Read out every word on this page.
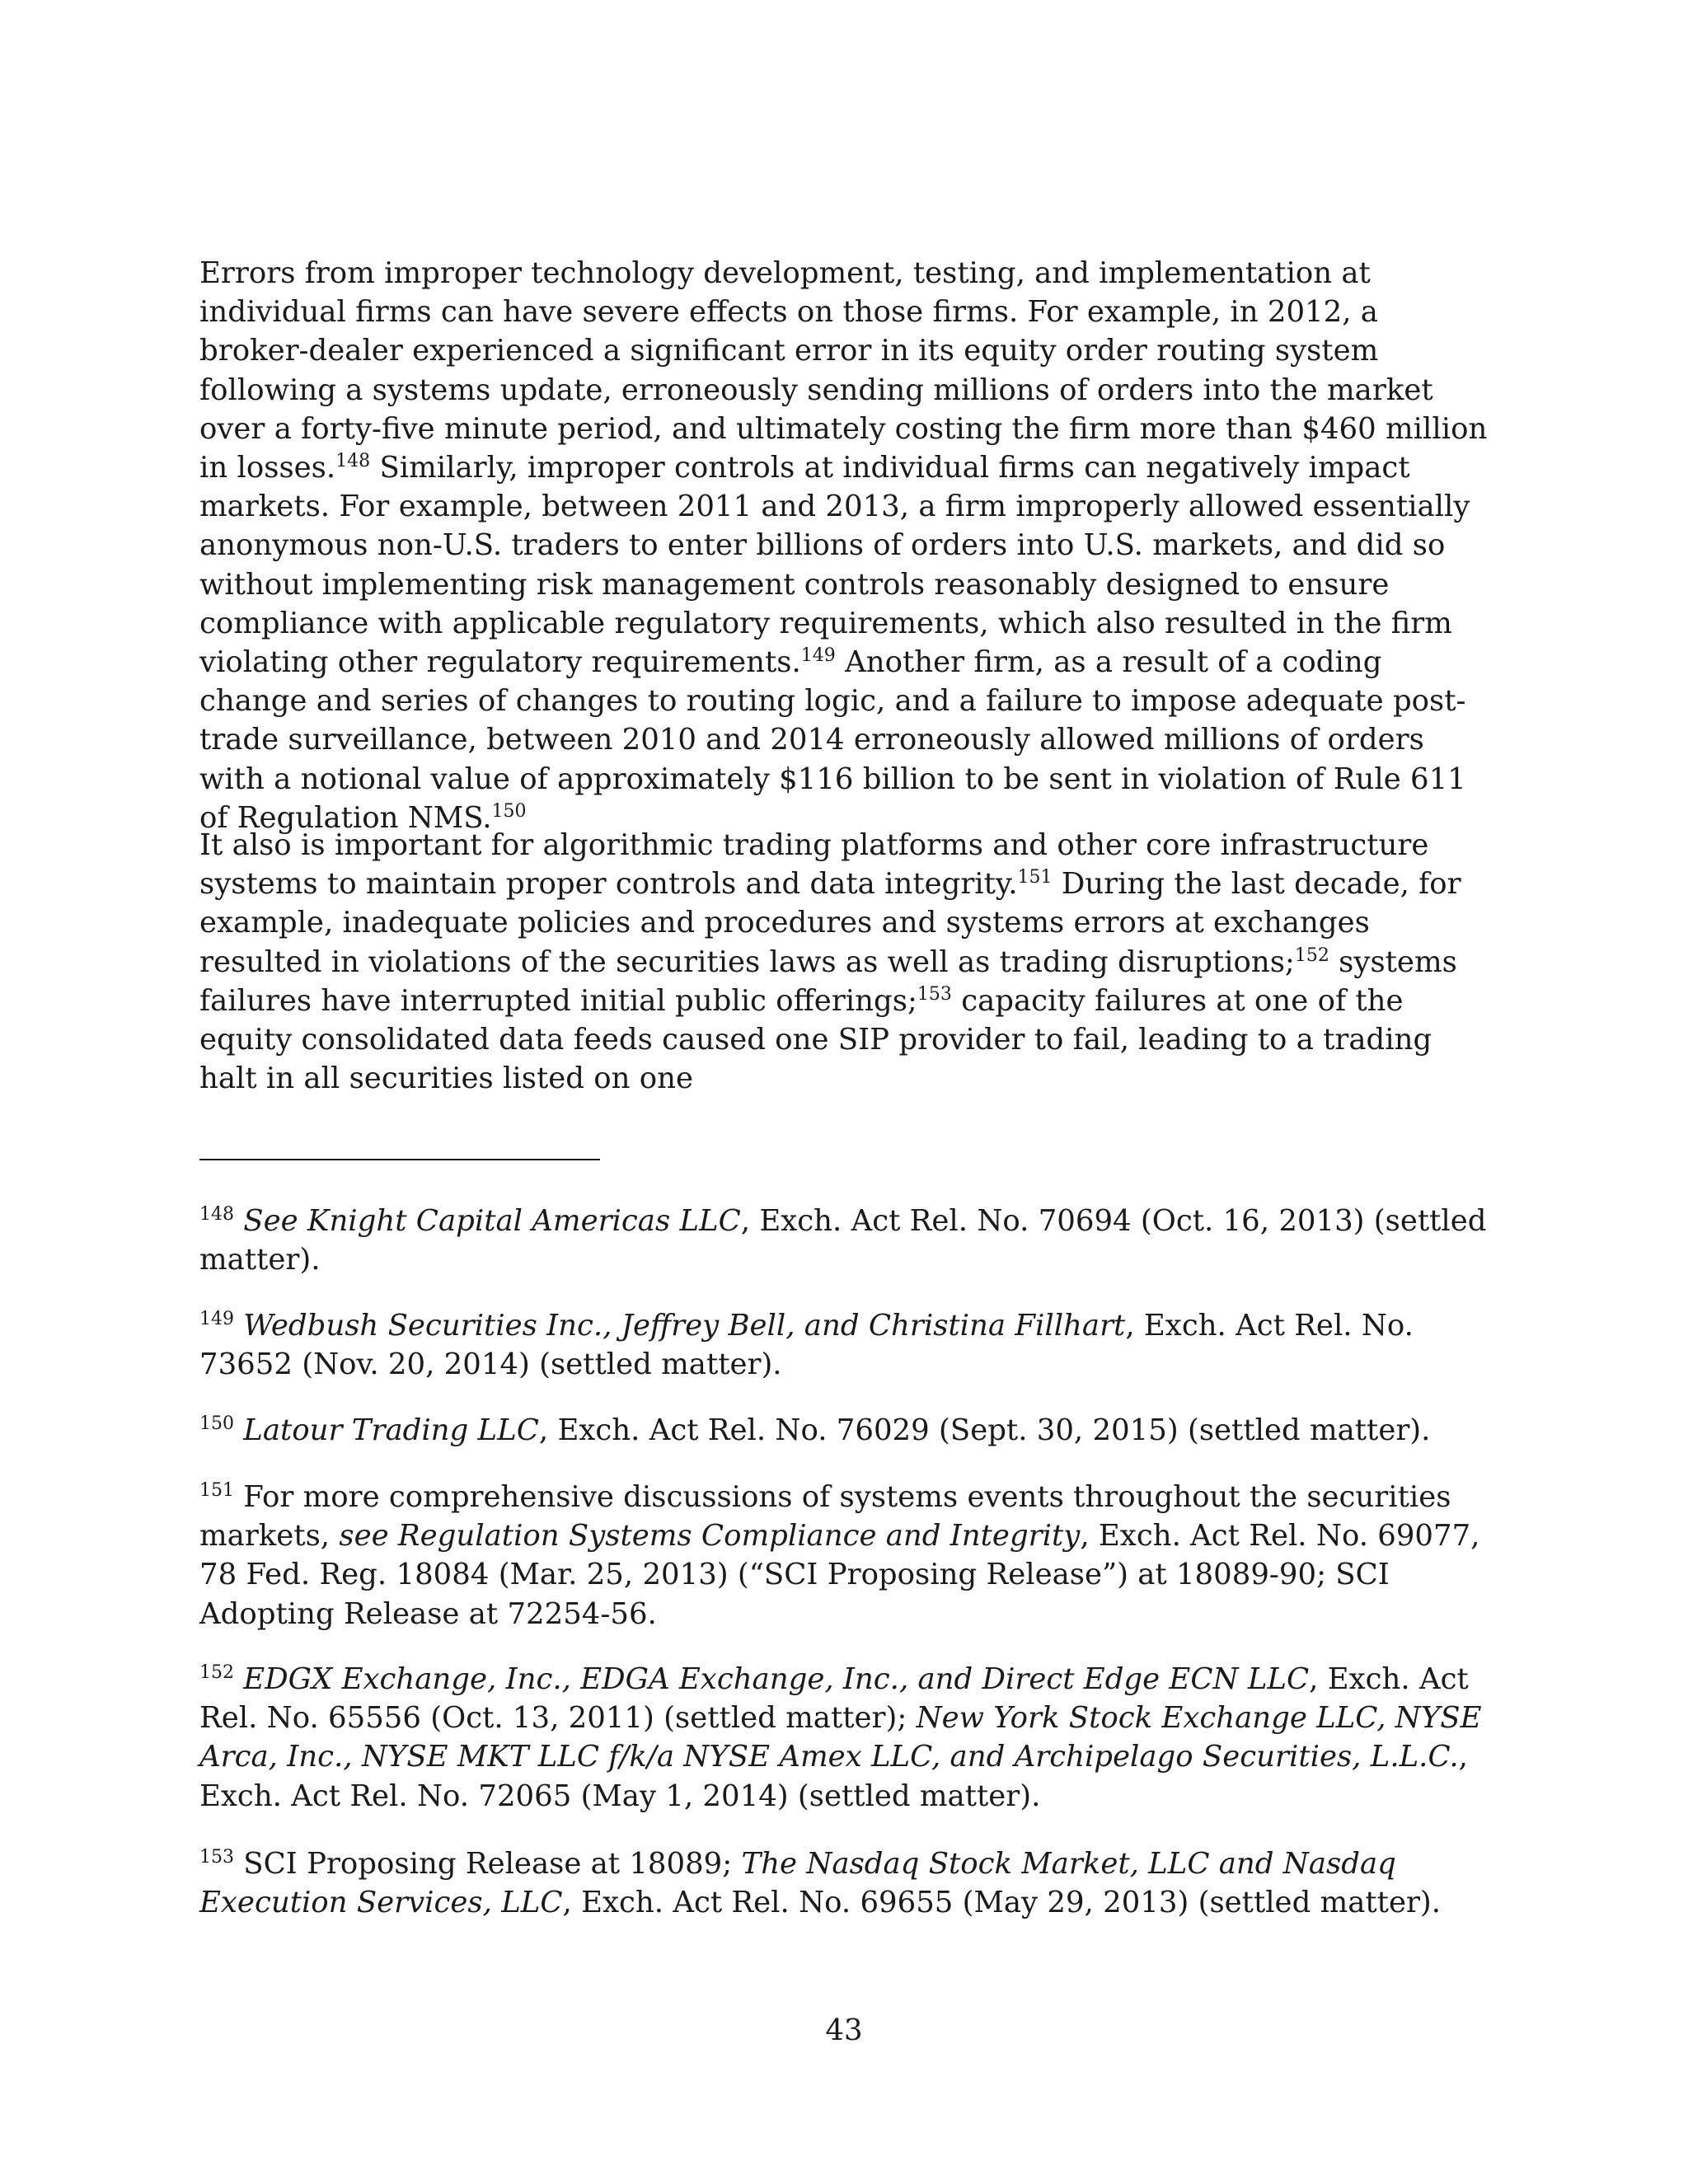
Errors from improper technology development, testing, and implementation at individual firms can have severe effects on those firms. For example, in 2012, a broker-dealer experienced a significant error in its equity order routing system following a systems update, erroneously sending millions of orders into the market over a forty-five minute period, and ultimately costing the firm more than $460 million in losses.$^{148}$ Similarly, improper controls at individual firms can negatively impact markets. For example, between 2011 and 2013, a firm improperly allowed essentially anonymous non-U.S. traders to enter billions of orders into U.S. markets, and did so without implementing risk management controls reasonably designed to ensure compliance with applicable regulatory requirements, which also resulted in the firm violating other regulatory requirements.$^{149}$ Another firm, as a result of a coding change and series of changes to routing logic, and a failure to impose adequate post-trade surveillance, between 2010 and 2014 erroneously allowed millions of orders with a notional value of approximately $116 billion to be sent in violation of Rule 611 of Regulation NMS.$^{150}$

It also is important for algorithmic trading platforms and other core infrastructure systems to maintain proper controls and data integrity.$^{151}$ During the last decade, for example, inadequate policies and procedures and systems errors at exchanges resulted in violations of the securities laws as well as trading disruptions;$^{152}$ systems failures have interrupted initial public offerings;$^{153}$ capacity failures at one of the equity consolidated data feeds caused one SIP provider to fail, leading to a trading halt in all securities listed on one

$^{148}$ See Knight Capital Americas LLC, Exch. Act Rel. No. 70694 (Oct. 16, 2013) (settled matter).

$^{149}$ Wedbush Securities Inc., Jeffrey Bell, and Christina Fillhart, Exch. Act Rel. No. 73652 (Nov. 20, 2014) (settled matter).

$^{150}$ Latour Trading LLC, Exch. Act Rel. No. 76029 (Sept. 30, 2015) (settled matter).

$^{151}$ For more comprehensive discussions of systems events throughout the securities markets, see Regulation Systems Compliance and Integrity, Exch. Act Rel. No. 69077, 78 Fed. Reg. 18084 (Mar. 25, 2013) (“SCI Proposing Release”) at 18089-90; SCI Adopting Release at 72254-56.

$^{152}$ EDGX Exchange, Inc., EDGA Exchange, Inc., and Direct Edge ECN LLC, Exch. Act Rel. No. 65556 (Oct. 13, 2011) (settled matter); New York Stock Exchange LLC, NYSE Arca, Inc., NYSE MKT LLC f/k/a NYSE Amex LLC, and Archipelago Securities, L.L.C., Exch. Act Rel. No. 72065 (May 1, 2014) (settled matter).

$^{153}$ SCI Proposing Release at 18089; The Nasdaq Stock Market, LLC and Nasdaq Execution Services, LLC, Exch. Act Rel. No. 69655 (May 29, 2013) (settled matter).

43
